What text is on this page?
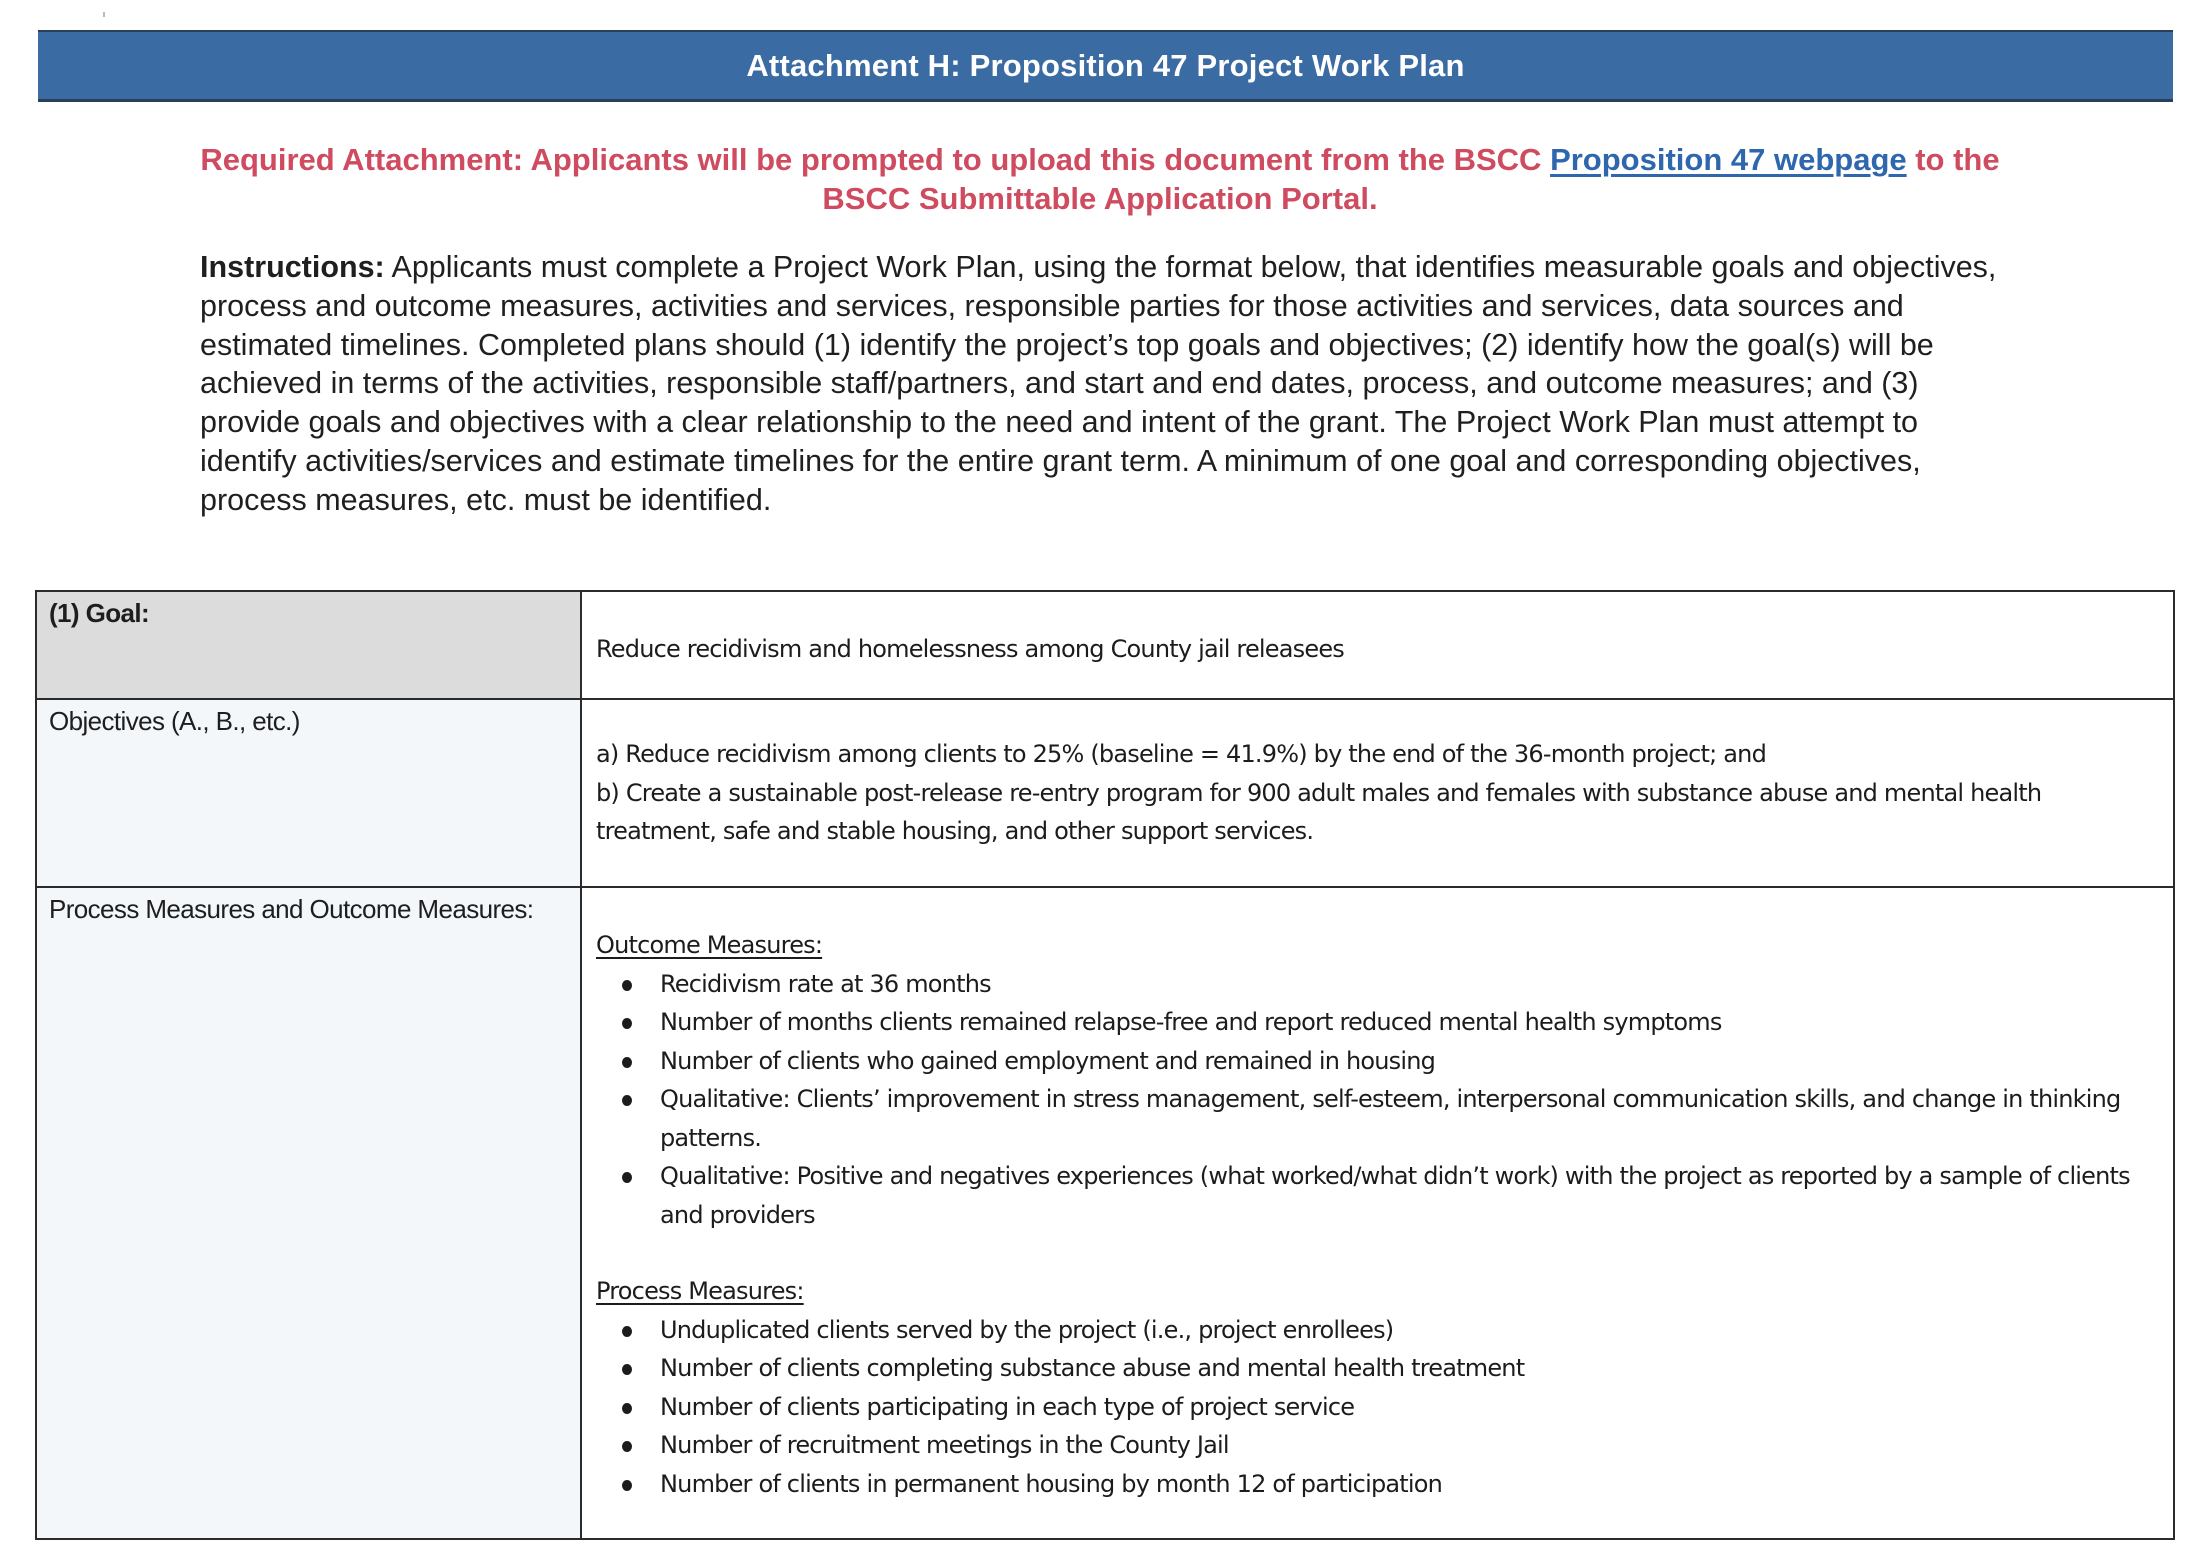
Attachment H: Proposition 47 Project Work Plan
Required Attachment: Applicants will be prompted to upload this document from the BSCC Proposition 47 webpage to the BSCC Submittable Application Portal.
Instructions: Applicants must complete a Project Work Plan, using the format below, that identifies measurable goals and objectives, process and outcome measures, activities and services, responsible parties for those activities and services, data sources and estimated timelines. Completed plans should (1) identify the project’s top goals and objectives; (2) identify how the goal(s) will be achieved in terms of the activities, responsible staff/partners, and start and end dates, process, and outcome measures; and (3) provide goals and objectives with a clear relationship to the need and intent of the grant. The Project Work Plan must attempt to identify activities/services and estimate timelines for the entire grant term. A minimum of one goal and corresponding objectives, process measures, etc. must be identified.
(1) Goal:	Reduce recidivism and homelessness among County jail releasees
Objectives (A., B., etc.)	a) Reduce recidivism among clients to 25% (baseline = 41.9%) by the end of the 36-month project; and
b) Create a sustainable post-release re-entry program for 900 adult males and females with substance abuse and mental health treatment, safe and stable housing, and other support services.

Process Measures and Outcome Measures:	Outcome Measures:
Recidivism rate at 36 months
Number of months clients remained relapse-free and report reduced mental health symptoms
Number of clients who gained employment and remained in housing
Qualitative: Clients’ improvement in stress management, self-esteem, interpersonal communication skills, and change in thinking patterns.
Qualitative: Positive and negatives experiences (what worked/what didn’t work) with the project as reported by a sample of clients and providers
Process Measures:
Unduplicated clients served by the project (i.e., project enrollees)
Number of clients completing substance abuse and mental health treatment
Number of clients participating in each type of project service
Number of recruitment meetings in the County Jail
Number of clients in permanent housing by month 12 of participation
